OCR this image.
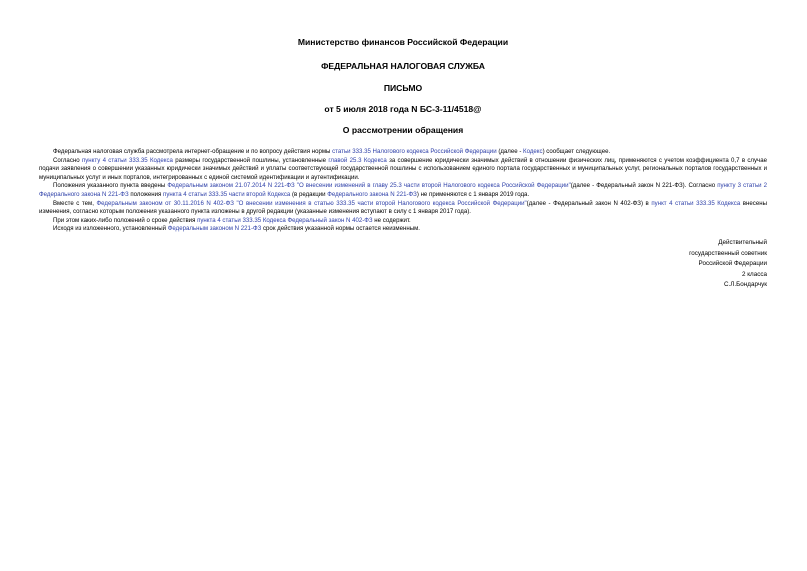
Министерство финансов Российской Федерации
ФЕДЕРАЛЬНАЯ НАЛОГОВАЯ СЛУЖБА
ПИСЬМО
от 5 июля 2018 года N БС-3-11/4518@
О рассмотрении обращения

Федеральная налоговая служба рассмотрела интернет-обращение и по вопросу действия нормы статьи 333.35 Налогового кодекса Российской Федерации (далее - Кодекс) сообщает следующее.

Согласно пункту 4 статьи 333.35 Кодекса размеры государственной пошлины, установленные главой 25.3 Кодекса за совершение юридически значимых действий в отношении физических лиц, применяются с учетом коэффициента 0,7 в случае подачи заявления о совершении указанных юридически значимых действий и уплаты соответствующей государственной пошлины с использованием единого портала государственных и муниципальных услуг, региональных порталов государственных и муниципальных услуг и иных порталов, интегрированных с единой системой идентификации и аутентификации.

Положения указанного пункта введены Федеральным законом 21.07.2014 N 221-ФЗ "О внесении изменений в главу 25.3 части второй Налогового кодекса Российской Федерации"(далее - Федеральный закон N 221-ФЗ). Согласно пункту 3 статьи 2 Федерального закона N 221-ФЗ положения пункта 4 статьи 333.35 части второй Кодекса (в редакции Федерального закона N 221-ФЗ) не применяются с 1 января 2019 года.

Вместе с тем, Федеральным законом от 30.11.2016 N 402-ФЗ "О внесении изменения в статью 333.35 части второй Налогового кодекса Российской Федерации"(далее - Федеральный закон N 402-ФЗ) в пункт 4 статьи 333.35 Кодекса внесены изменения, согласно которым положения указанного пункта изложены в другой редакции (указанные изменения вступают в силу с 1 января 2017 года).

При этом каких-либо положений о сроке действия пункта 4 статьи 333.35 Кодекса Федеральный закон N 402-ФЗ не содержит.

Исходя из изложенного, установленный Федеральным законом N 221-ФЗ срок действия указанной нормы остается неизменным.

Действительный
государственный советник
Российской Федерации
2 класса
С.Л.Бондарчук
